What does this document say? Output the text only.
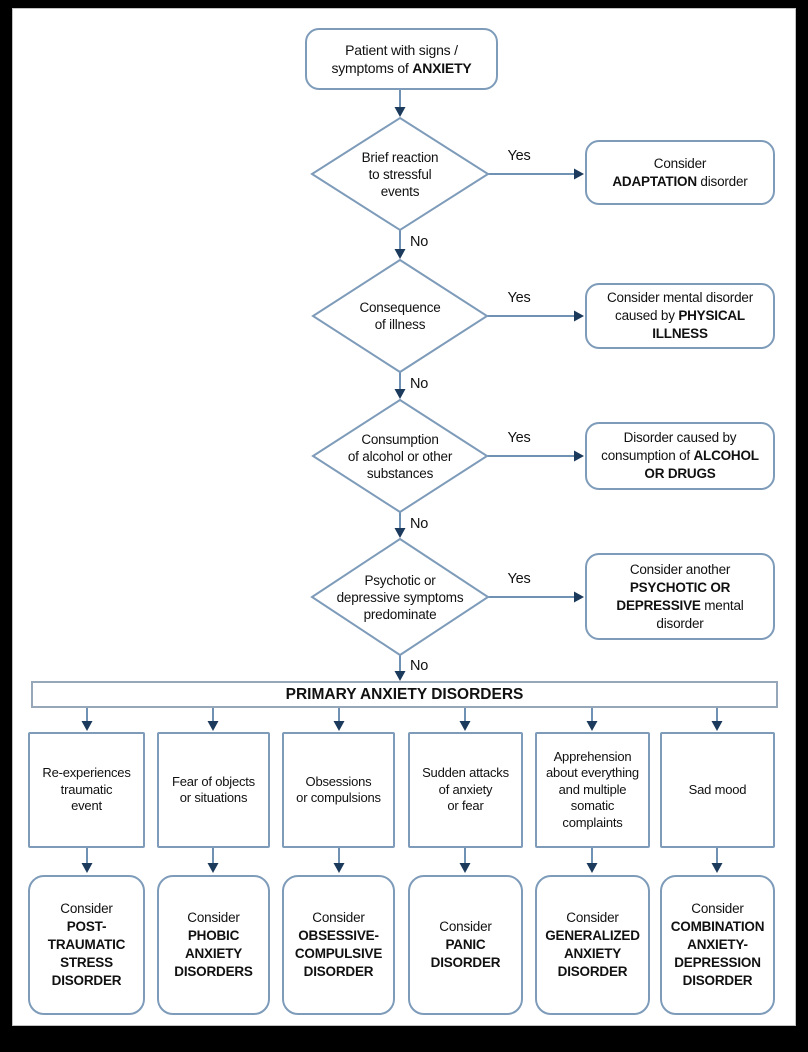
Patient with signs /
symptoms of ANXIETY
Brief reaction
to stressful
events
Consequence
of illness
Consumption
of alcohol or other
substances
Psychotic or
depressive symptoms
predominate
Yes
Yes
Yes
Yes
No
No
No
No
Consider
ADAPTATION disorder
Consider mental disorder
caused by PHYSICAL
ILLNESS
Disorder caused by
consumption of ALCOHOL
OR DRUGS
Consider another
PSYCHOTIC OR
DEPRESSIVE mental
disorder
PRIMARY ANXIETY DISORDERS
Re-experiences
traumatic
event
Fear of objects
or situations
Obsessions
or compulsions
Sudden attacks
of anxiety
or fear
Apprehension
about everything
and multiple
somatic
complaints
Sad mood
Consider
POST-
TRAUMATIC
STRESS
DISORDER
Consider
PHOBIC
ANXIETY
DISORDERS
Consider
OBSESSIVE-
COMPULSIVE
DISORDER
Consider
PANIC
DISORDER
Consider
GENERALIZED
ANXIETY
DISORDER
Consider
COMBINATION
ANXIETY-
DEPRESSION
DISORDER
